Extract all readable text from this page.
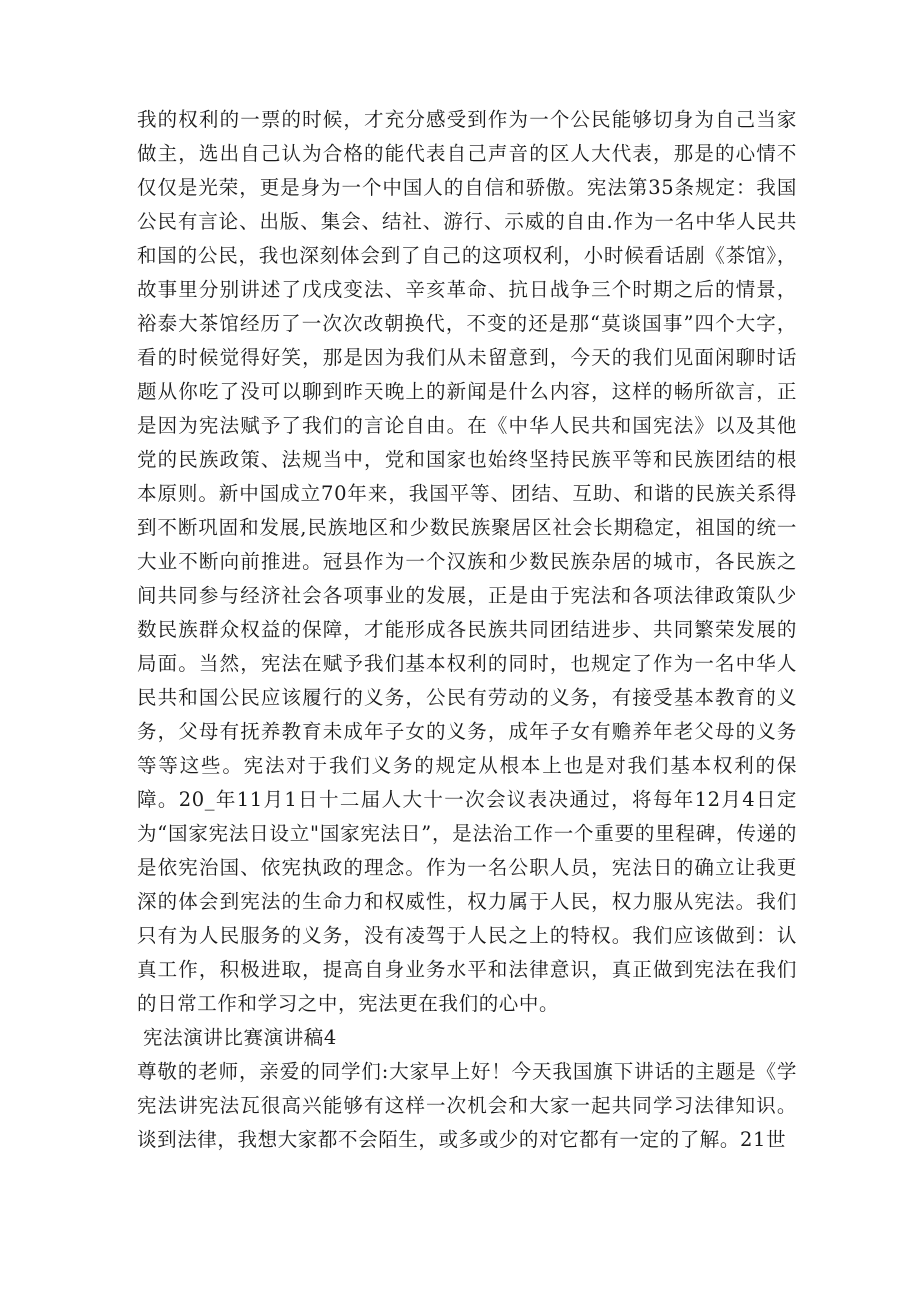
我的权利的一票的时候，才充分感受到作为一个公民能够切身为自己当家做主，选出自己认为合格的能代表自己声音的区人大代表，那是的心情不仅仅是光荣，更是身为一个中国人的自信和骄傲。宪法第35条规定：我国公民有言论、出版、集会、结社、游行、示威的自由.作为一名中华人民共和国的公民，我也深刻体会到了自己的这项权利，小时候看话剧《茶馆》，故事里分别讲述了戊戌变法、辛亥革命、抗日战争三个时期之后的情景，裕泰大茶馆经历了一次次改朝换代，不变的还是那“莫谈国事”四个大字，看的时候觉得好笑，那是因为我们从未留意到，今天的我们见面闲聊时话题从你吃了没可以聊到昨天晚上的新闻是什么内容，这样的畅所欲言，正是因为宪法赋予了我们的言论自由。在《中华人民共和国宪法》以及其他党的民族政策、法规当中，党和国家也始终坚持民族平等和民族团结的根本原则。新中国成立70年来，我国平等、团结、互助、和谐的民族关系得到不断巩固和发展,民族地区和少数民族聚居区社会长期稳定，祖国的统一大业不断向前推进。冠县作为一个汉族和少数民族杂居的城市，各民族之间共同参与经济社会各项事业的发展，正是由于宪法和各项法律政策队少数民族群众权益的保障，才能形成各民族共同团结进步、共同繁荣发展的局面。当然，宪法在赋予我们基本权利的同时，也规定了作为一名中华人民共和国公民应该履行的义务，公民有劳动的义务，有接受基本教育的义务，父母有抚养教育未成年子女的义务，成年子女有赡养年老父母的义务等等这些。宪法对于我们义务的规定从根本上也是对我们基本权利的保障。20_年11月1日十二届人大十一次会议表决通过，将每年12月4日定为“国家宪法日设立"国家宪法日”，是法治工作一个重要的里程碑，传递的是依宪治国、依宪执政的理念。作为一名公职人员，宪法日的确立让我更深的体会到宪法的生命力和权威性，权力属于人民，权力服从宪法。我们只有为人民服务的义务，没有凌驾于人民之上的特权。我们应该做到：认真工作，积极进取，提高自身业务水平和法律意识，真正做到宪法在我们的日常工作和学习之中，宪法更在我们的心中。

宪法演讲比赛演讲稿4

尊敬的老师，亲爱的同学们:大家早上好！今天我国旗下讲话的主题是《学宪法讲宪法瓦很高兴能够有这样一次机会和大家一起共同学习法律知识。谈到法律，我想大家都不会陌生，或多或少的对它都有一定的了解。21世
